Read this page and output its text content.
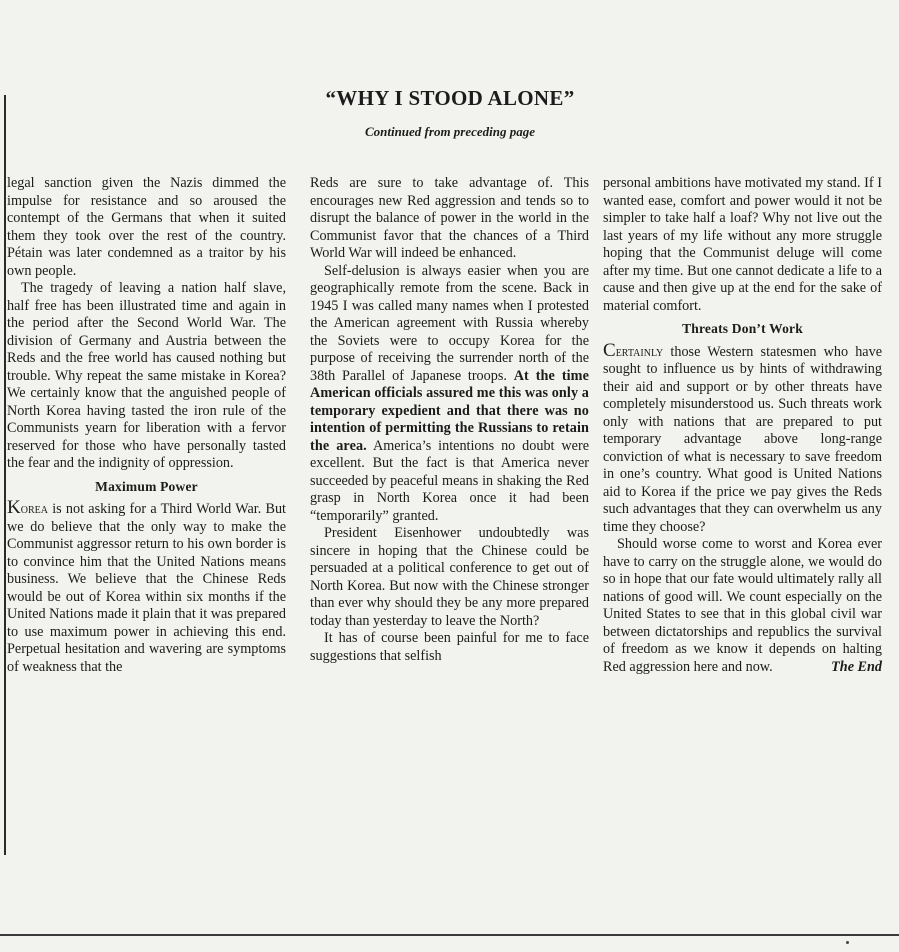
“WHY I STOOD ALONE”

Continued from preceding page

legal sanction given the Nazis dimmed the impulse for resistance and so aroused the contempt of the Germans that when it suited them they took over the rest of the country. Pétain was later condemned as a traitor by his own people.

The tragedy of leaving a nation half slave, half free has been illustrated time and again in the period after the Second World War. The division of Germany and Austria between the Reds and the free world has caused nothing but trouble. Why repeat the same mistake in Korea? We certainly know that the anguished people of North Korea having tasted the iron rule of the Communists yearn for liberation with a fervor reserved for those who have personally tasted the fear and the indignity of oppression.

Maximum Power

Korea is not asking for a Third World War. But we do believe that the only way to make the Communist aggressor return to his own border is to convince him that the United Nations means business. We believe that the Chinese Reds would be out of Korea within six months if the United Nations made it plain that it was prepared to use maximum power in achieving this end. Perpetual hesitation and wavering are symptoms of weakness that the

Reds are sure to take advantage of. This encourages new Red aggression and tends so to disrupt the balance of power in the world in the Communist favor that the chances of a Third World War will indeed be enhanced.

Self-delusion is always easier when you are geographically remote from the scene. Back in 1945 I was called many names when I protested the American agreement with Russia whereby the Soviets were to occupy Korea for the purpose of receiving the surrender north of the 38th Parallel of Japanese troops. At the time American officials assured me this was only a temporary expedient and that there was no intention of permitting the Russians to retain the area. America’s intentions no doubt were excellent. But the fact is that America never succeeded by peaceful means in shaking the Red grasp in North Korea once it had been “temporarily” granted.

President Eisenhower undoubtedly was sincere in hoping that the Chinese could be persuaded at a political conference to get out of North Korea. But now with the Chinese stronger than ever why should they be any more prepared today than yesterday to leave the North?

It has of course been painful for me to face suggestions that selfish

personal ambitions have motivated my stand. If I wanted ease, comfort and power would it not be simpler to take half a loaf? Why not live out the last years of my life without any more struggle hoping that the Communist deluge will come after my time. But one cannot dedicate a life to a cause and then give up at the end for the sake of material comfort.

Threats Don’t Work

Certainly those Western statesmen who have sought to influence us by hints of withdrawing their aid and support or by other threats have completely misunderstood us. Such threats work only with nations that are prepared to put temporary advantage above long-range conviction of what is necessary to save freedom in one’s country. What good is United Nations aid to Korea if the price we pay gives the Reds such advantages that they can overwhelm us any time they choose?

Should worse come to worst and Korea ever have to carry on the struggle alone, we would do so in hope that our fate would ultimately rally all nations of good will. We count especially on the United States to see that in this global civil war between dictatorships and republics the survival of freedom as we know it depends on halting Red aggression here and now.	The End
